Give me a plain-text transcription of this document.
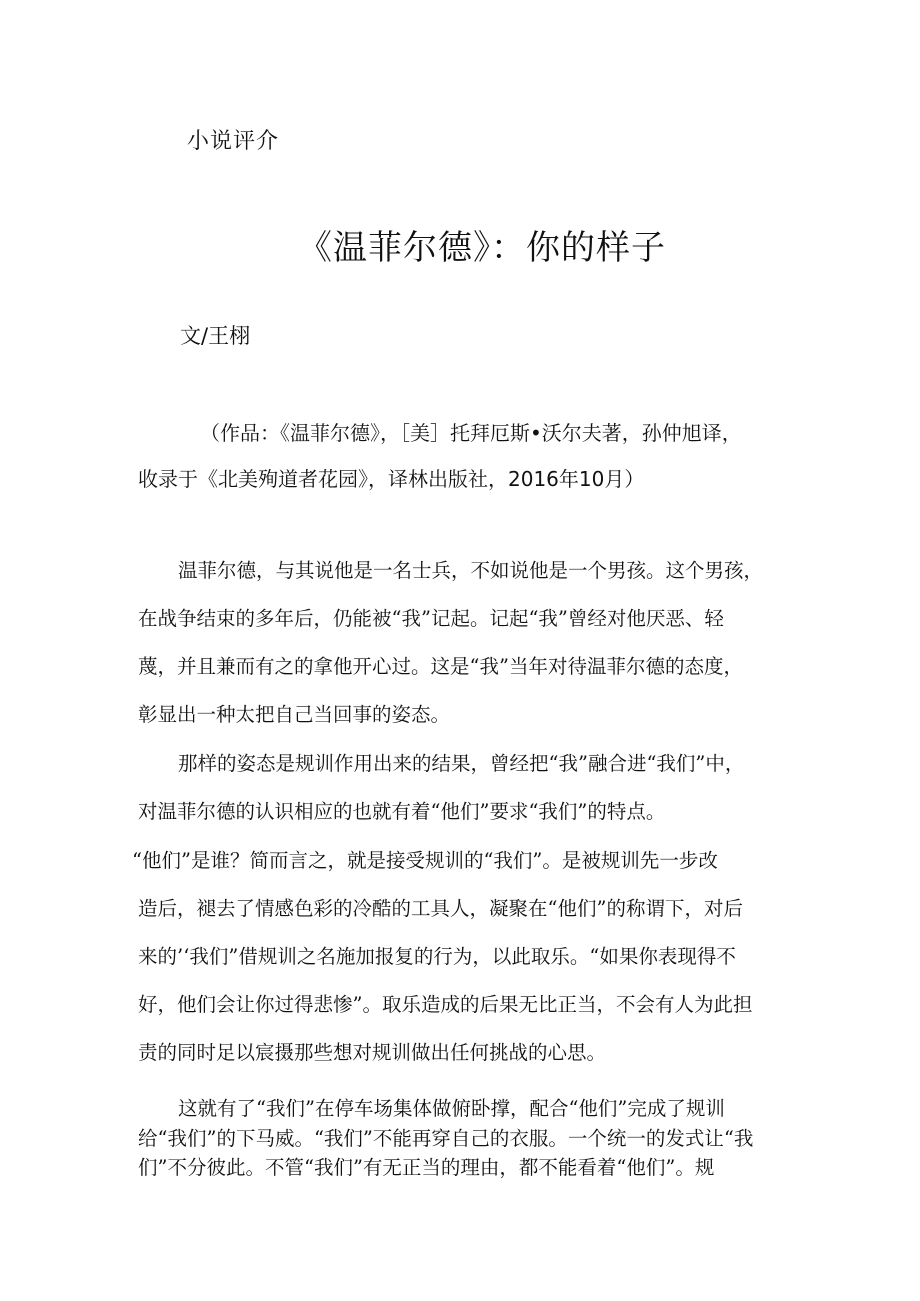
小说评介
《温菲尔德》：你的样子
文/王栩
（作品：《温菲尔德》，［美］托拜厄斯•沃尔夫著，孙仲旭译，
收录于《北美殉道者花园》，译林出版社，2016年10月）
温菲尔德，与其说他是一名士兵，不如说他是一个男孩。这个男孩，
在战争结束的多年后，仍能被“我”记起。记起“我”曾经对他厌恶、轻
蔑，并且兼而有之的拿他开心过。这是“我”当年对待温菲尔德的态度，
彰显出一种太把自己当回事的姿态。
那样的姿态是规训作用出来的结果，曾经把“我”融合进“我们”中，
对温菲尔德的认识相应的也就有着“他们”要求“我们”的特点。
“他们”是谁？简而言之，就是接受规训的“我们”。是被规训先一步改
造后，褪去了情感色彩的冷酷的工具人，凝聚在“他们”的称谓下，对后
来的’‘我们”借规训之名施加报复的行为，以此取乐。“如果你表现得不
好，他们会让你过得悲惨”。取乐造成的后果无比正当，不会有人为此担
责的同时足以宸摄那些想对规训做出任何挑战的心思。
这就有了“我们”在停车场集体做俯卧撑，配合“他们”完成了规训
给“我们”的下马威。“我们”不能再穿自己的衣服。一个统一的发式让“我
们”不分彼此。不管“我们”有无正当的理由，都不能看着“他们”。规
